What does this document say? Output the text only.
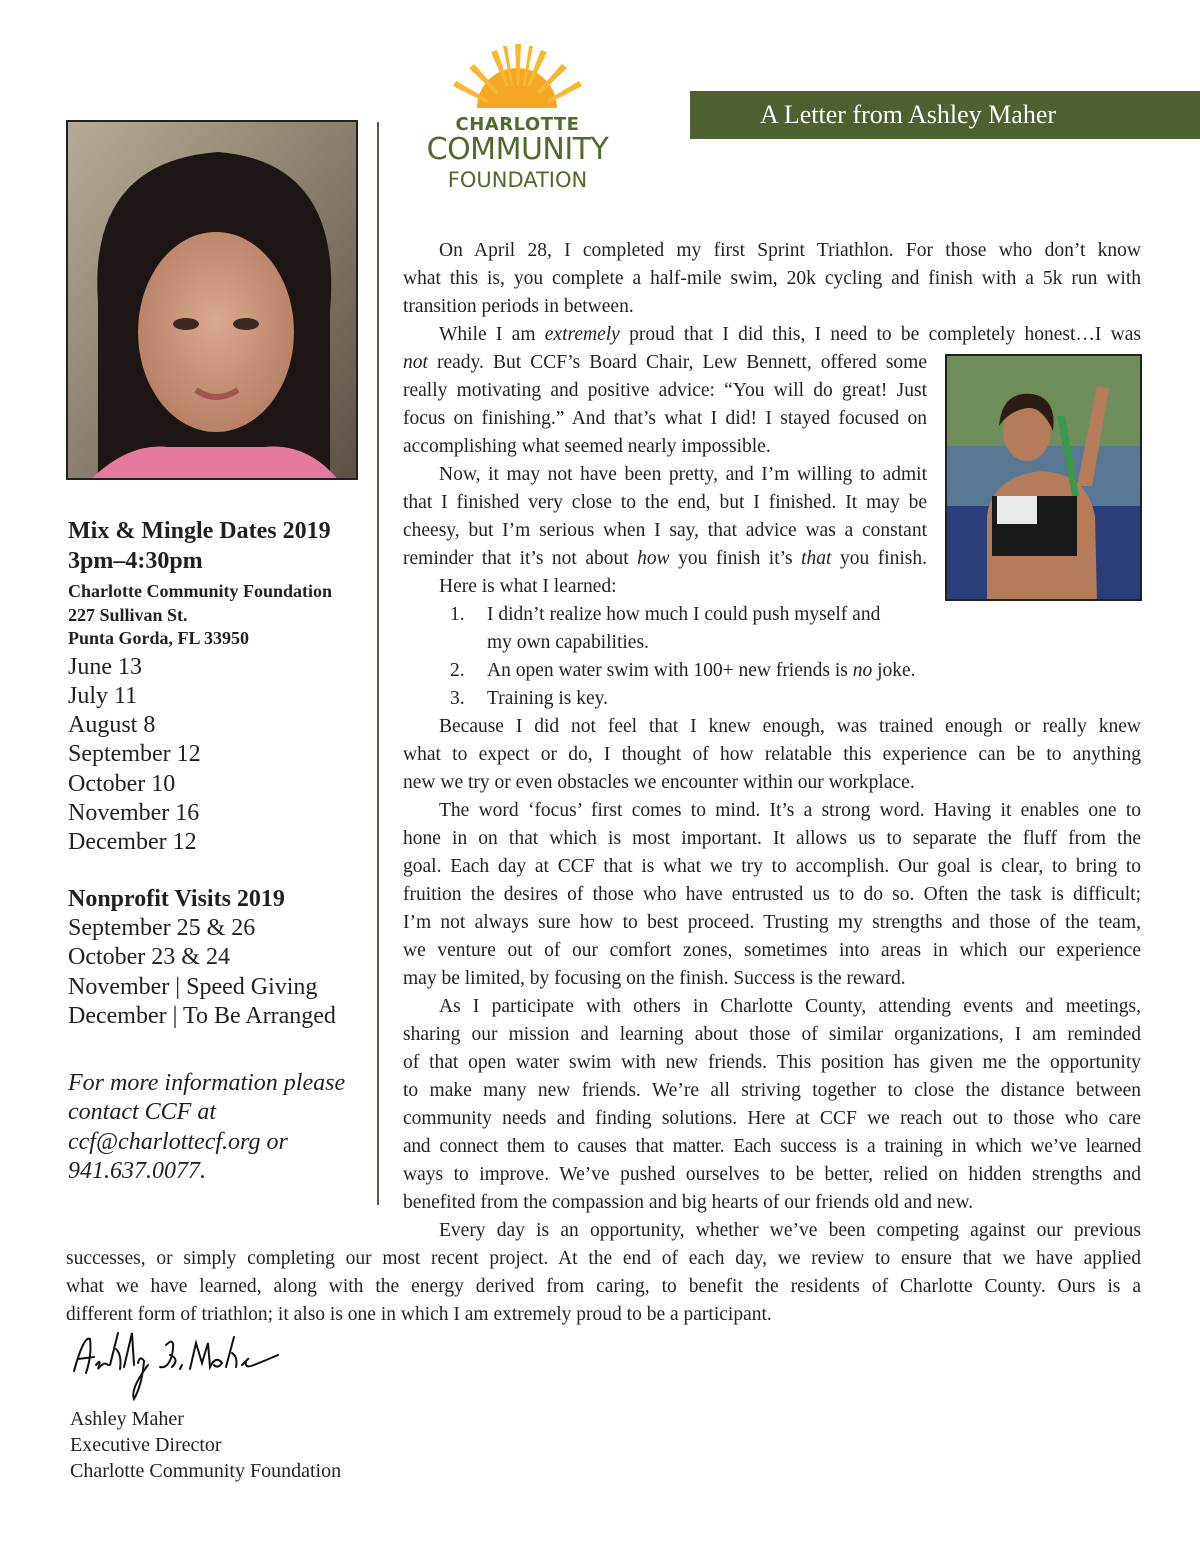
CHARLOTTE
COMMUNITY
FOUNDATION
A Letter from Ashley Maher
Mix & Mingle Dates 2019
3pm–4:30pm
Charlotte Community Foundation
227 Sullivan St.
Punta Gorda, FL 33950
June 13
July 11
August 8
September 12
October 10
November 16
December 12
Nonprofit Visits 2019
September 25 & 26
October 23 & 24
November | Speed Giving
December | To Be Arranged
For more information please
contact CCF at
ccf@charlottecf.org or
941.637.0077.
On April 28, I completed my first Sprint Triathlon. For those who don’t know
what this is, you complete a half-mile swim, 20k cycling and finish with a 5k run with
transition periods in between.
While I am extremely proud that I did this, I need to be completely honest…I was
not ready. But CCF’s Board Chair, Lew Bennett, offered some
really motivating and positive advice: “You will do great! Just
focus on finishing.” And that’s what I did! I stayed focused on
accomplishing what seemed nearly impossible.
Now, it may not have been pretty, and I’m willing to admit
that I finished very close to the end, but I finished. It may be
cheesy, but I’m serious when I say, that advice was a constant
reminder that it’s not about how you finish it’s that you finish.
Here is what I learned:
1. I didn’t realize how much I could push myself and
my own capabilities.
2. An open water swim with 100+ new friends is no joke.
3. Training is key.
Because I did not feel that I knew enough, was trained enough or really knew
what to expect or do, I thought of how relatable this experience can be to anything
new we try or even obstacles we encounter within our workplace.
The word ‘focus’ first comes to mind. It’s a strong word. Having it enables one to
hone in on that which is most important. It allows us to separate the fluff from the
goal. Each day at CCF that is what we try to accomplish. Our goal is clear, to bring to
fruition the desires of those who have entrusted us to do so. Often the task is difficult;
I’m not always sure how to best proceed. Trusting my strengths and those of the team,
we venture out of our comfort zones, sometimes into areas in which our experience
may be limited, by focusing on the finish. Success is the reward.
As I participate with others in Charlotte County, attending events and meetings,
sharing our mission and learning about those of similar organizations, I am reminded
of that open water swim with new friends. This position has given me the opportunity
to make many new friends. We’re all striving together to close the distance between
community needs and finding solutions. Here at CCF we reach out to those who care
and connect them to causes that matter. Each success is a training in which we’ve learned
ways to improve. We’ve pushed ourselves to be better, relied on hidden strengths and
benefited from the compassion and big hearts of our friends old and new.
Every day is an opportunity, whether we’ve been competing against our previous
successes, or simply completing our most recent project. At the end of each day, we review to ensure that we have applied
what we have learned, along with the energy derived from caring, to benefit the residents of Charlotte County. Ours is a
different form of triathlon; it also is one in which I am extremely proud to be a participant.
Ashley Maher
Executive Director
Charlotte Community Foundation
